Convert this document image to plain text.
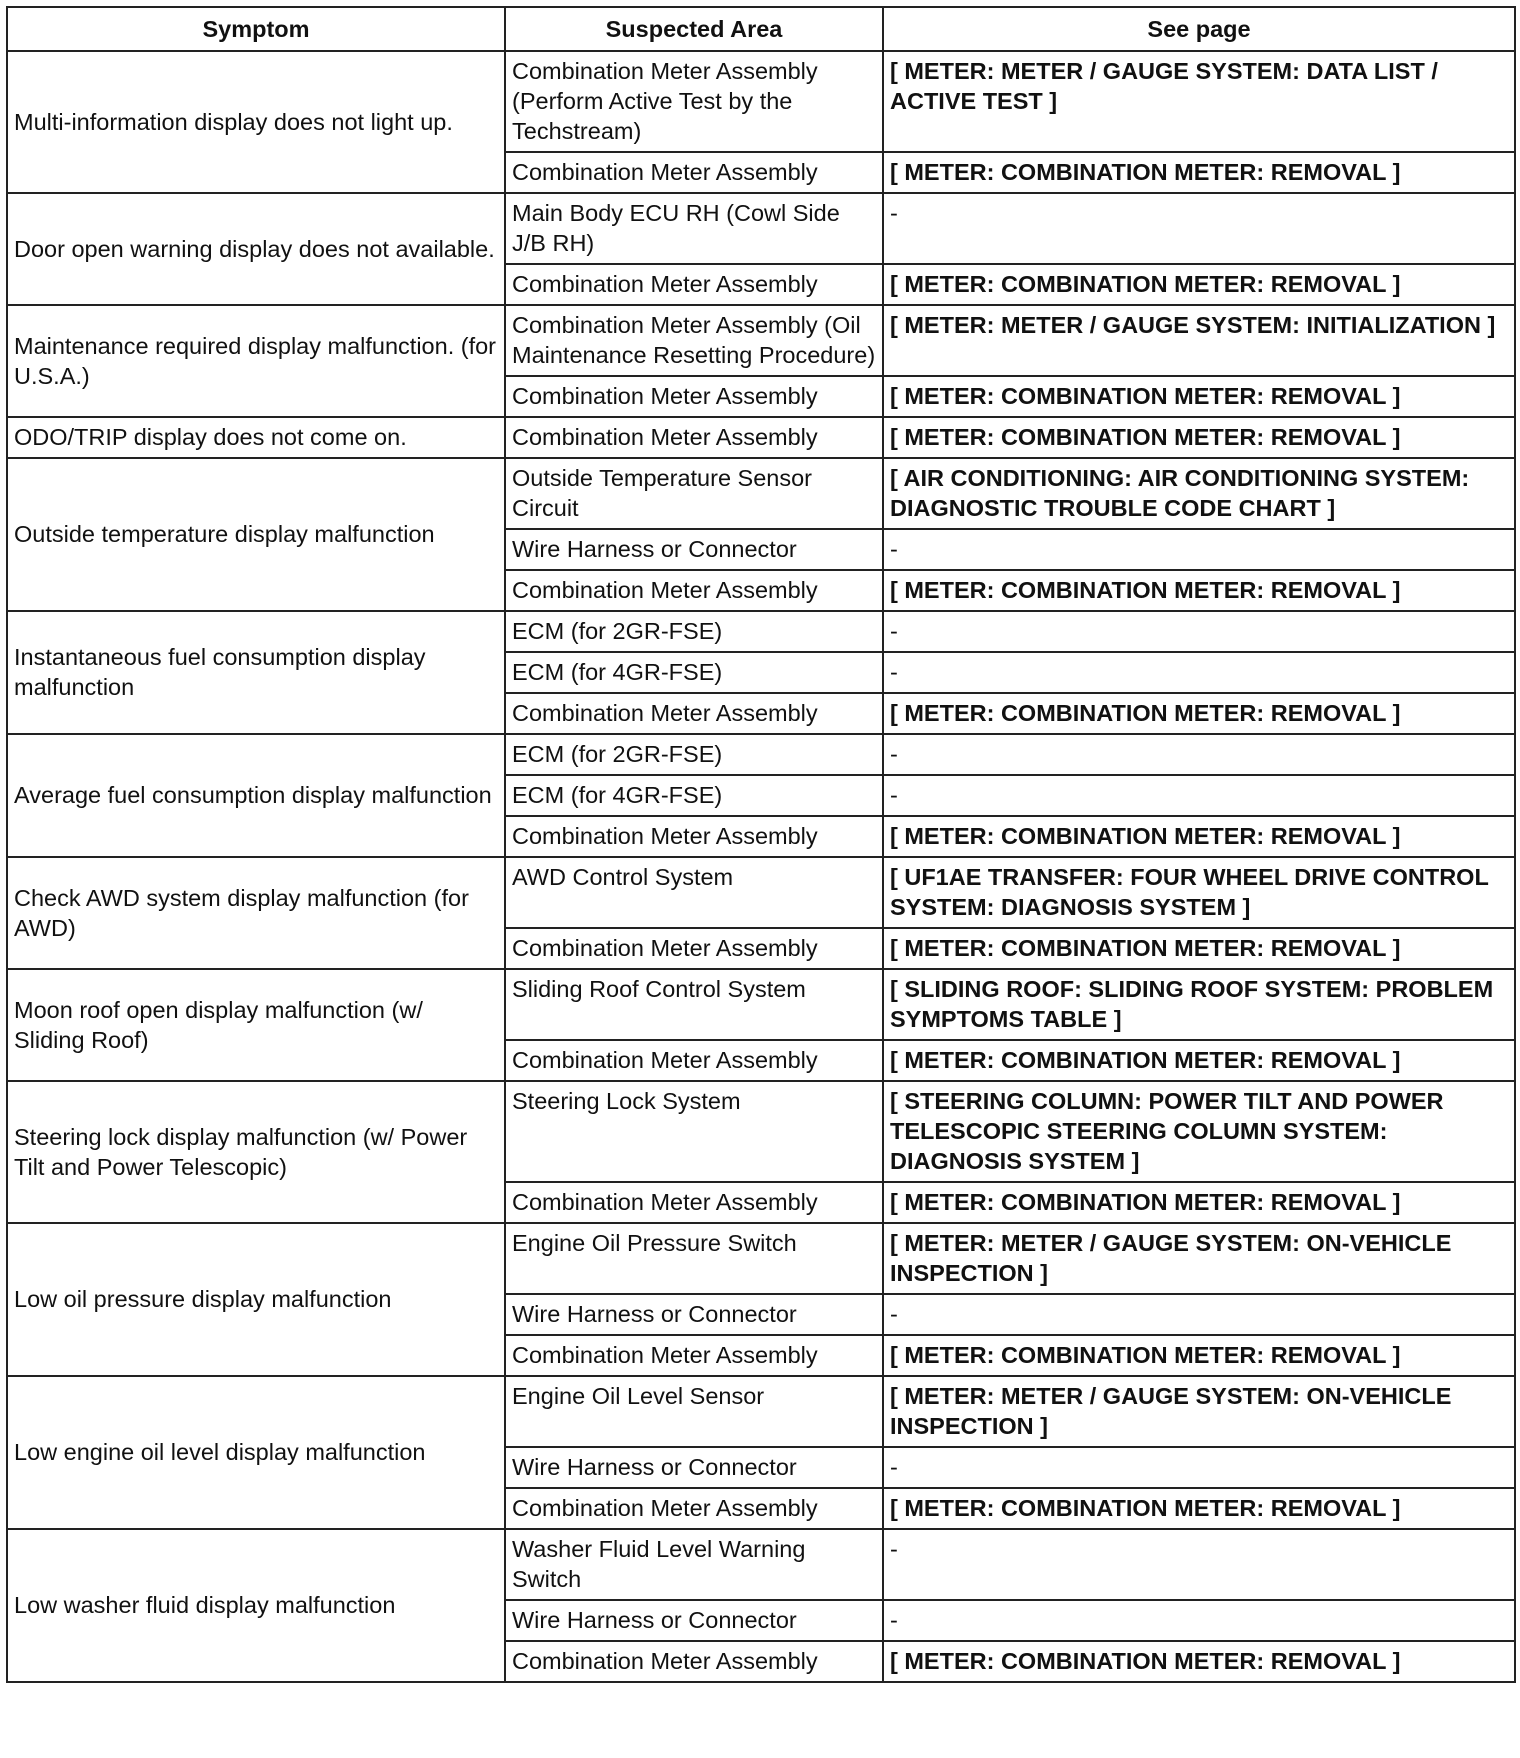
Symptom	Suspected Area	See page
Multi-information display does not light up.	Combination Meter Assembly (Perform Active Test by the Techstream)	[ METER: METER / GAUGE SYSTEM: DATA LIST / ACTIVE TEST ]
	Combination Meter Assembly	[ METER: COMBINATION METER: REMOVAL ]
Door open warning display does not available.	Main Body ECU RH (Cowl Side J/B RH)	-
	Combination Meter Assembly	[ METER: COMBINATION METER: REMOVAL ]
Maintenance required display malfunction. (for U.S.A.)	Combination Meter Assembly (Oil Maintenance Resetting Procedure)	[ METER: METER / GAUGE SYSTEM: INITIALIZATION ]
	Combination Meter Assembly	[ METER: COMBINATION METER: REMOVAL ]
ODO/TRIP display does not come on.	Combination Meter Assembly	[ METER: COMBINATION METER: REMOVAL ]
Outside temperature display malfunction	Outside Temperature Sensor Circuit	[ AIR CONDITIONING: AIR CONDITIONING SYSTEM: DIAGNOSTIC TROUBLE CODE CHART ]
	Wire Harness or Connector	-
	Combination Meter Assembly	[ METER: COMBINATION METER: REMOVAL ]
Instantaneous fuel consumption display malfunction	ECM (for 2GR-FSE)	-
	ECM (for 4GR-FSE)	-
	Combination Meter Assembly	[ METER: COMBINATION METER: REMOVAL ]
Average fuel consumption display malfunction	ECM (for 2GR-FSE)	-
	ECM (for 4GR-FSE)	-
	Combination Meter Assembly	[ METER: COMBINATION METER: REMOVAL ]
Check AWD system display malfunction (for AWD)	AWD Control System	[ UF1AE TRANSFER: FOUR WHEEL DRIVE CONTROL SYSTEM: DIAGNOSIS SYSTEM ]
	Combination Meter Assembly	[ METER: COMBINATION METER: REMOVAL ]
Moon roof open display malfunction (w/ Sliding Roof)	Sliding Roof Control System	[ SLIDING ROOF: SLIDING ROOF SYSTEM: PROBLEM SYMPTOMS TABLE ]
	Combination Meter Assembly	[ METER: COMBINATION METER: REMOVAL ]
Steering lock display malfunction (w/ Power Tilt and Power Telescopic)	Steering Lock System	[ STEERING COLUMN: POWER TILT AND POWER TELESCOPIC STEERING COLUMN SYSTEM: DIAGNOSIS SYSTEM ]
	Combination Meter Assembly	[ METER: COMBINATION METER: REMOVAL ]
Low oil pressure display malfunction	Engine Oil Pressure Switch	[ METER: METER / GAUGE SYSTEM: ON-VEHICLE INSPECTION ]
	Wire Harness or Connector	-
	Combination Meter Assembly	[ METER: COMBINATION METER: REMOVAL ]
Low engine oil level display malfunction	Engine Oil Level Sensor	[ METER: METER / GAUGE SYSTEM: ON-VEHICLE INSPECTION ]
	Wire Harness or Connector	-
	Combination Meter Assembly	[ METER: COMBINATION METER: REMOVAL ]
Low washer fluid display malfunction	Washer Fluid Level Warning Switch	-
	Wire Harness or Connector	-
	Combination Meter Assembly	[ METER: COMBINATION METER: REMOVAL ]
